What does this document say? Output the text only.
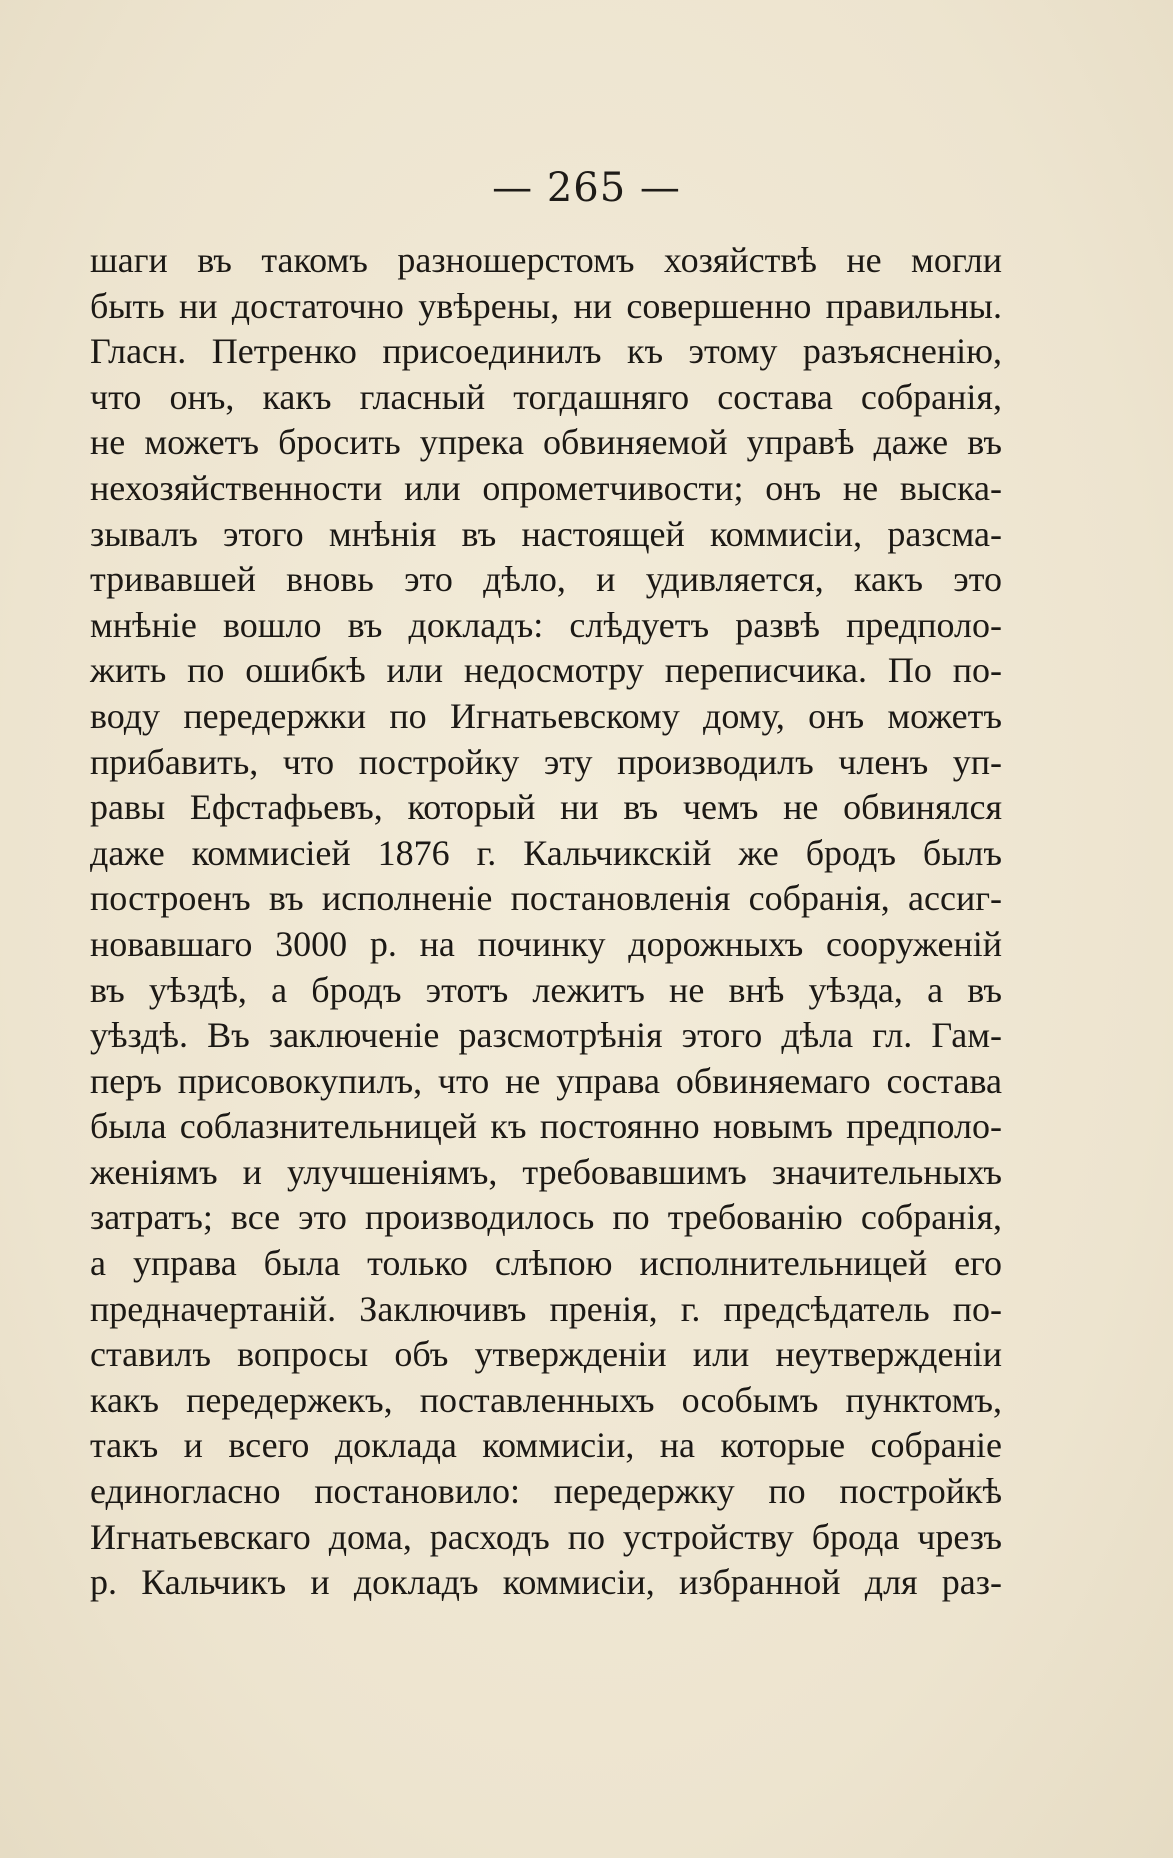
— 265 —
шаги въ такомъ разношерстомъ хозяйствѣ не могли
быть ни достаточно увѣрены, ни совершенно правильны.
Гласн. Петренко присоединилъ къ этому разъясненію,
что онъ, какъ гласный тогдашняго состава собранія,
не можетъ бросить упрека обвиняемой управѣ даже въ
нехозяйственности или опрометчивости; онъ не выска-
зывалъ этого мнѣнія въ настоящей коммисіи, разсма-
тривавшей вновь это дѣло, и удивляется, какъ это
мнѣніе вошло въ докладъ: слѣдуетъ развѣ предполо-
жить по ошибкѣ или недосмотру переписчика. По по-
воду передержки по Игнатьевскому дому, онъ можетъ
прибавить, что постройку эту производилъ членъ уп-
равы Ефстафьевъ, который ни въ чемъ не обвинялся
даже коммисіей 1876 г. Кальчикскій же бродъ былъ
построенъ въ исполненіе постановленія собранія, ассиг-
новавшаго 3000 р. на починку дорожныхъ сооруженій
въ уѣздѣ, а бродъ этотъ лежитъ не внѣ уѣзда, а въ
уѣздѣ. Въ заключеніе разсмотрѣнія этого дѣла гл. Гам-
перъ присовокупилъ, что не управа обвиняемаго состава
была соблазнительницей къ постоянно новымъ предполо-
женіямъ и улучшеніямъ, требовавшимъ значительныхъ
затратъ; все это производилось по требованію собранія,
а управа была только слѣпою исполнительницей его
предначертаній. Заключивъ пренія, г. предсѣдатель по-
ставилъ вопросы объ утвержденіи или неутвержденіи
какъ передержекъ, поставленныхъ особымъ пунктомъ,
такъ и всего доклада коммисіи, на которые собраніе
единогласно постановило: передержку по постройкѣ
Игнатьевскаго дома, расходъ по устройству брода чрезъ
р. Кальчикъ и докладъ коммисіи, избранной для раз-
